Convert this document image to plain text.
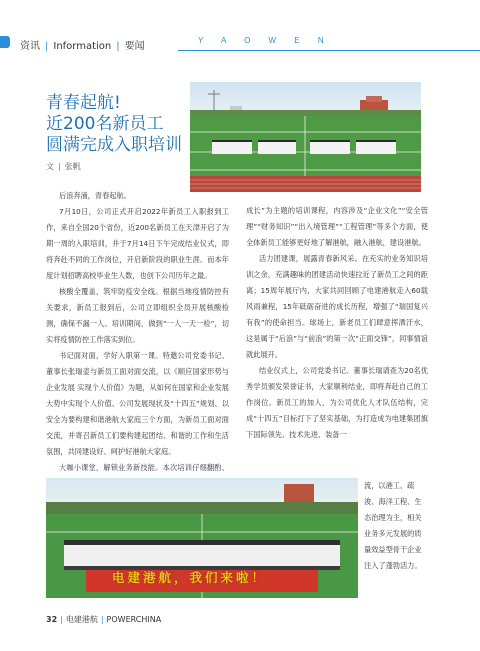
资讯 | Information | 要闻
Y A O W E N
青春起航!
近200名新员工
圆满完成入职培训
文 | 张帆

后浪奔涌，青春起航。

7月10日，公司正式开启2022年新员工入职报到工作，来自全国20个省份，近200名新员工在天津开启了为期一周的入职培训，并于7月14日下午完成结业仪式，即将奔赴不同的工作岗位，开启新阶段的职业生涯。而本年度计划招聘高校毕业生人数，也创下公司历年之最。

核酸全覆盖，筑牢防疫安全线。根据当地疫情防控有关要求，新员工报到后，公司立即组织全员开展核酸检测，确保不漏一人。培训期间，做到“一人一天一检”，切实将疫情防控工作落实到位。

书记面对面，学好入职第一课。特邀公司党委书记、董事长张瑞壶与新员工面对面交流，以《顺应国家形势与企业发展 实现个人价值》为题，从如何在国家和企业发展大势中实现个人价值、公司发展现状及“十四五”规划、以安全为要构建和谐港航大家庭三个方面，为新员工面对面交流，并寄召新员工们要构建起团结、和谐的工作和生活氛围，共同建设好、呵护好港航大家庭。

大咖小课堂，解锁业务新技能。本次培训仔细翻酌、

成长”为主题的培训课程，内容涉及“企业文化”“安全管理”“财务知识”“出入境管理”“工程管理”等多个方面，使全体新员工能够更好地了解港航，融入港航，建设港航。

活力团建课，展露青春新风采。在充实的业务知识培训之余，充满趣味的团建活动快速拉近了新员工之间的距离；15周年展厅内，大家共同回顾了电建港航走入60载风雨兼程，15年砥砺奋进的成长历程，增强了“瑞国复兴有我”的使命担当。球场上，新老员工们肆意挥洒汗水，这是属于“后浪”与“前浪”的第一次“正面交锋”，同事情谊就此展开。

结业仪式上，公司党委书记、董事长瑞请查为20名优秀学员颁发荣誉证书，大家顺利结业，即将奔赴自己的工作岗位。新员工的加入，为公司优化人才队伍结构，完成“十四五”目标打下了坚实基础，为打造成为电建集团旗下国际领先、技术先进、装备一

流，以港工、疏浚、海洋工程、生态治理为主，相关业务多元发展的质量效益型骨干企业注入了蓬勃活力。
电建港航，我们来啦！
32 | 电建港航 | POWERCHINA
